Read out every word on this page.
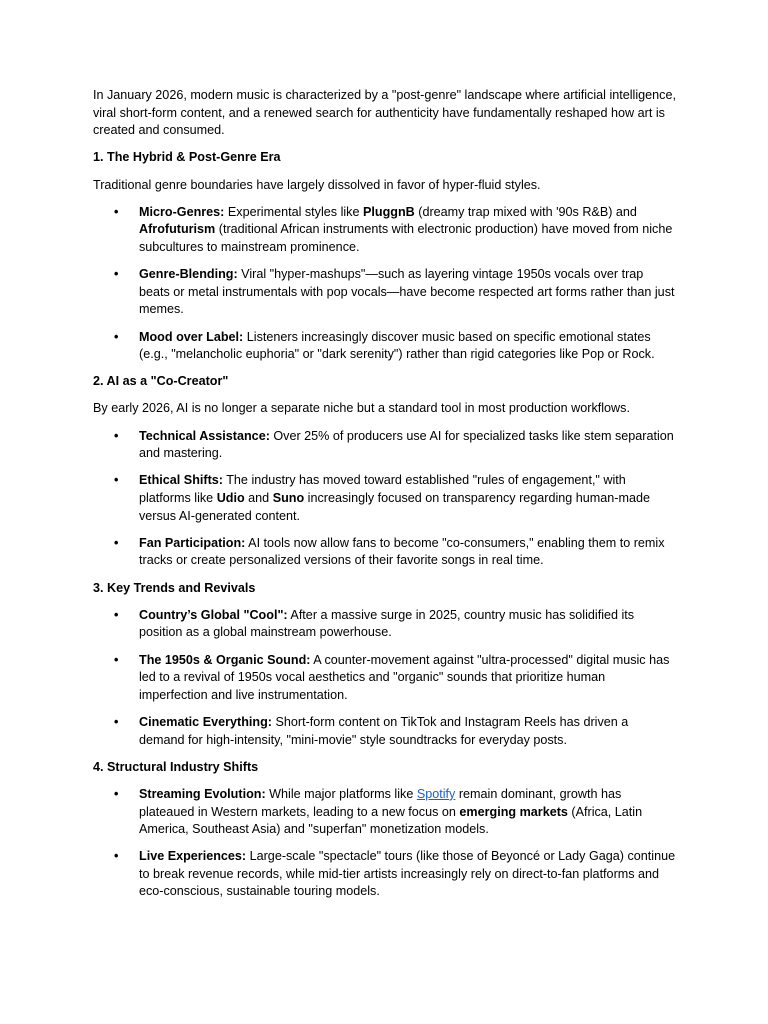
In January 2026, modern music is characterized by a "post-genre" landscape where artificial intelligence, viral short-form content, and a renewed search for authenticity have fundamentally reshaped how art is created and consumed.

1. The Hybrid & Post-Genre Era

Traditional genre boundaries have largely dissolved in favor of hyper-fluid styles.

• Micro-Genres: Experimental styles like PluggnB (dreamy trap mixed with '90s R&B) and Afrofuturism (traditional African instruments with electronic production) have moved from niche subcultures to mainstream prominence.
• Genre-Blending: Viral "hyper-mashups"—such as layering vintage 1950s vocals over trap beats or metal instrumentals with pop vocals—have become respected art forms rather than just memes.
• Mood over Label: Listeners increasingly discover music based on specific emotional states (e.g., "melancholic euphoria" or "dark serenity") rather than rigid categories like Pop or Rock.

2. AI as a "Co-Creator"

By early 2026, AI is no longer a separate niche but a standard tool in most production workflows.

• Technical Assistance: Over 25% of producers use AI for specialized tasks like stem separation and mastering.
• Ethical Shifts: The industry has moved toward established "rules of engagement," with platforms like Udio and Suno increasingly focused on transparency regarding human-made versus AI-generated content.
• Fan Participation: AI tools now allow fans to become "co-consumers," enabling them to remix tracks or create personalized versions of their favorite songs in real time.

3. Key Trends and Revivals

• Country’s Global "Cool": After a massive surge in 2025, country music has solidified its position as a global mainstream powerhouse.
• The 1950s & Organic Sound: A counter-movement against "ultra-processed" digital music has led to a revival of 1950s vocal aesthetics and "organic" sounds that prioritize human imperfection and live instrumentation.
• Cinematic Everything: Short-form content on TikTok and Instagram Reels has driven a demand for high-intensity, "mini-movie" style soundtracks for everyday posts.

4. Structural Industry Shifts

• Streaming Evolution: While major platforms like Spotify remain dominant, growth has plateaued in Western markets, leading to a new focus on emerging markets (Africa, Latin America, Southeast Asia) and "superfan" monetization models.
• Live Experiences: Large-scale "spectacle" tours (like those of Beyoncé or Lady Gaga) continue to break revenue records, while mid-tier artists increasingly rely on direct-to-fan platforms and eco-conscious, sustainable touring models.
